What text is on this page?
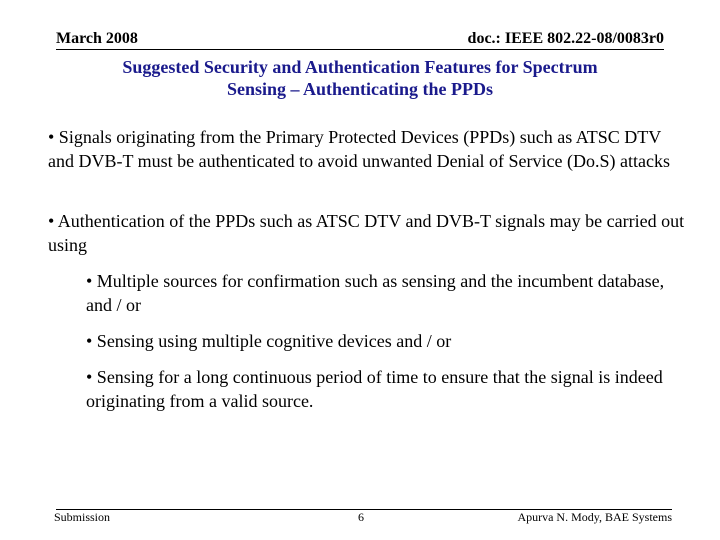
March 2008	doc.: IEEE 802.22-08/0083r0
Suggested Security and Authentication Features for Spectrum
Sensing – Authenticating the PPDs
• Signals originating from the Primary Protected Devices (PPDs) such as ATSC DTV and DVB-T must be authenticated to avoid unwanted Denial of Service (Do.S) attacks
• Authentication of the PPDs such as ATSC DTV and DVB-T signals may be carried out using
• Multiple sources for confirmation such as sensing and the incumbent database, and / or
• Sensing using multiple cognitive devices and / or
• Sensing for a long continuous period of time to ensure that the signal is indeed originating from a valid source.
Submission	6	Apurva N. Mody, BAE Systems
